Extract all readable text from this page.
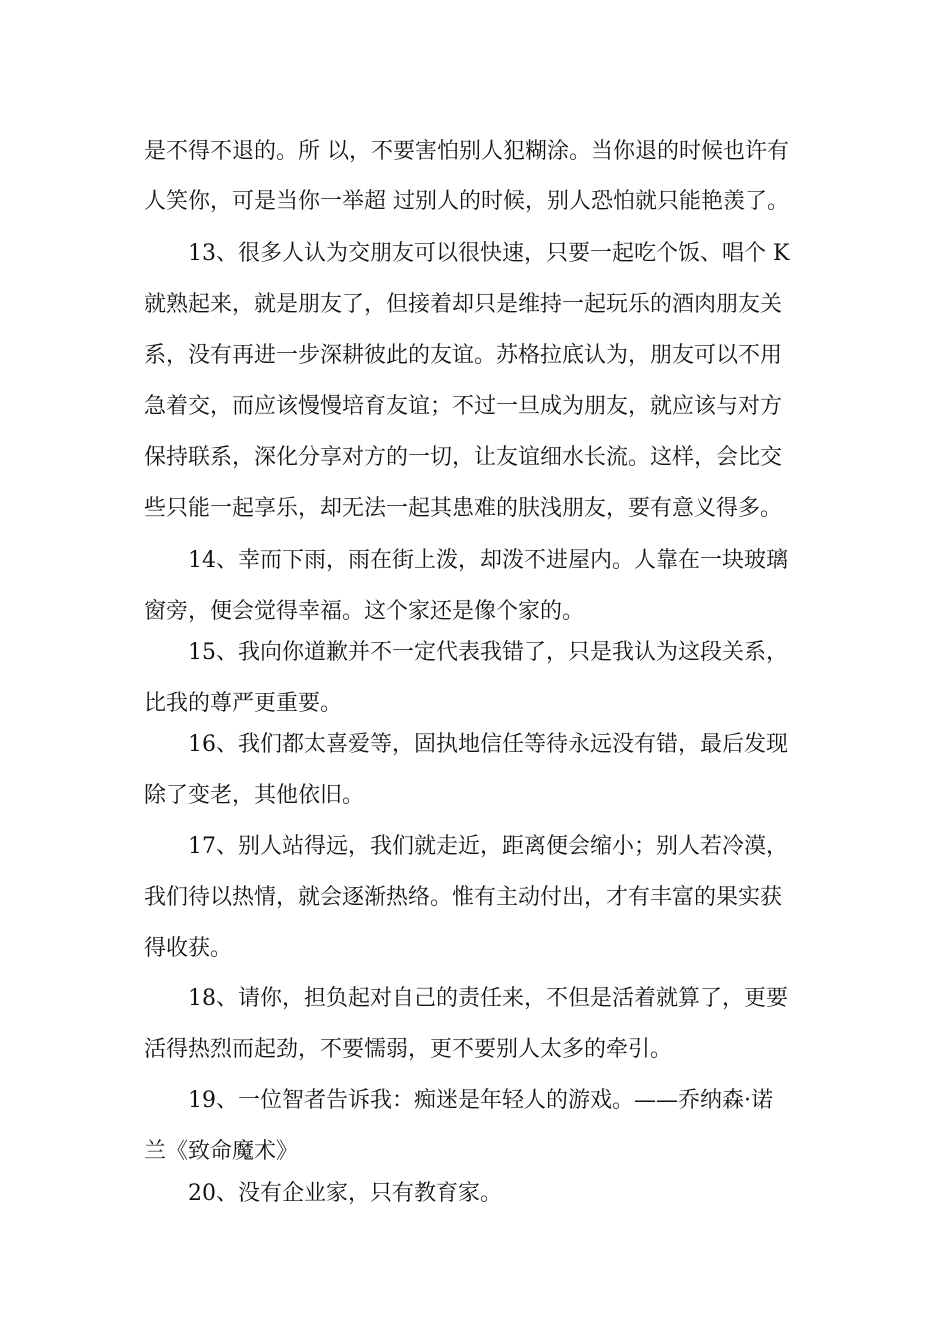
是不得不退的。所 以，不要害怕别人犯糊涂。当你退的时候也许有
人笑你，可是当你一举超 过别人的时候，别人恐怕就只能艳羡了。
13、很多人认为交朋友可以很快速，只要一起吃个饭、唱个 K
就熟起来，就是朋友了，但接着却只是维持一起玩乐的酒肉朋友关
系，没有再进一步深耕彼此的友谊。苏格拉底认为，朋友可以不用
急着交，而应该慢慢培育友谊；不过一旦成为朋友，就应该与对方
保持联系，深化分享对方的一切，让友谊细水长流。这样，会比交
些只能一起享乐，却无法一起其患难的肤浅朋友，要有意义得多。
14、幸而下雨，雨在街上泼，却泼不进屋内。人靠在一块玻璃
窗旁，便会觉得幸福。这个家还是像个家的。
15、我向你道歉并不一定代表我错了，只是我认为这段关系，
比我的尊严更重要。
16、我们都太喜爱等，固执地信任等待永远没有错，最后发现
除了变老，其他依旧。
17、别人站得远，我们就走近，距离便会缩小；别人若冷漠，
我们待以热情，就会逐渐热络。惟有主动付出，才有丰富的果实获
得收获。
18、请你，担负起对自己的责任来，不但是活着就算了，更要
活得热烈而起劲，不要懦弱，更不要别人太多的牵引。
19、一位智者告诉我：痴迷是年轻人的游戏。——乔纳森·诺
兰《致命魔术》
20、没有企业家，只有教育家。
